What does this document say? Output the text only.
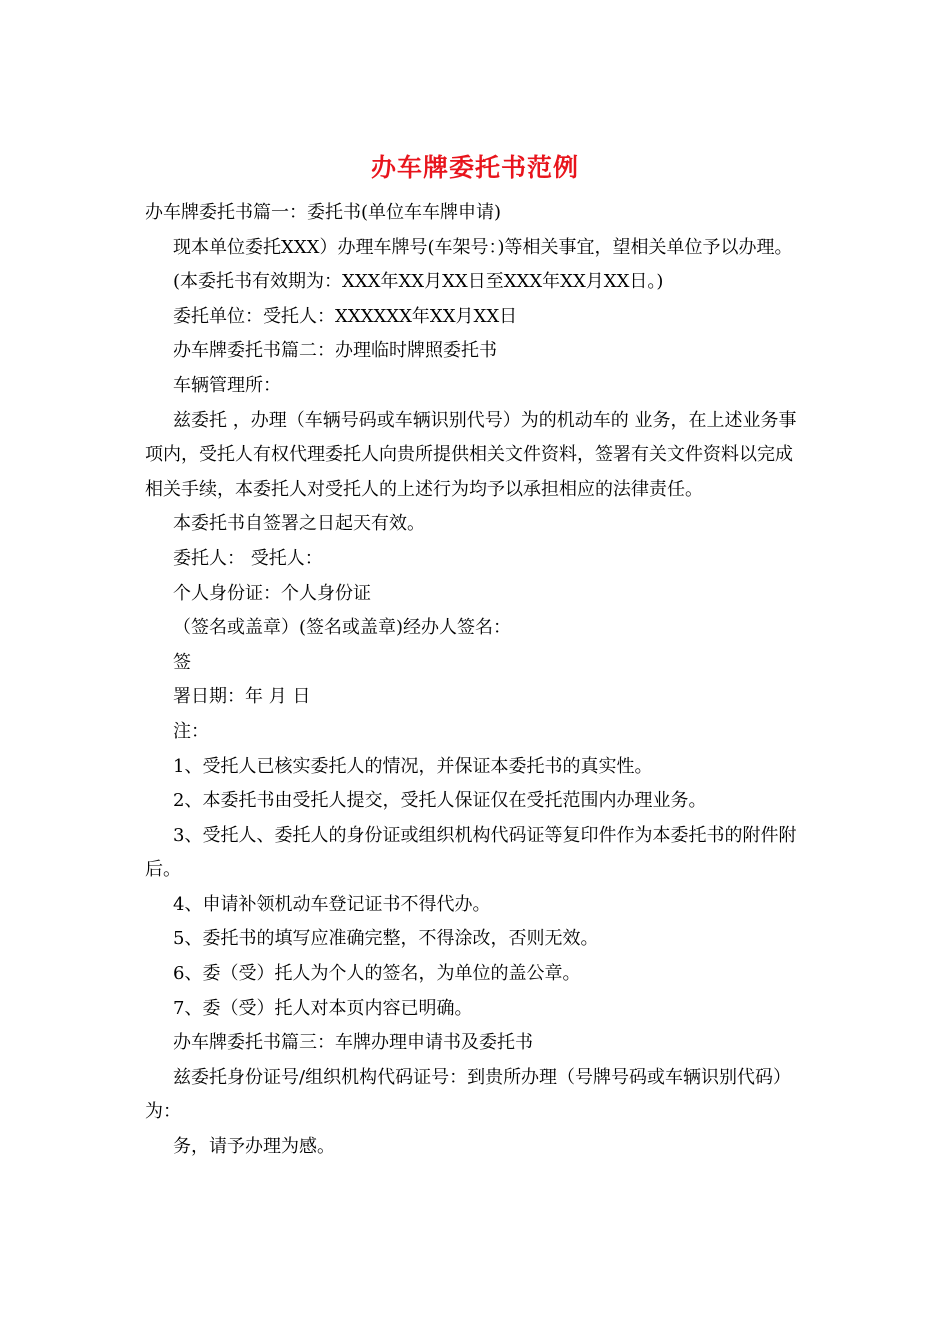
办车牌委托书范例

办车牌委托书篇一：委托书(单位车车牌申请)

现本单位委托XXX）办理车牌号(车架号：)等相关事宜，望相关单位予以办理。

(本委托书有效期为：XXX年XX月XX日至XXX年XX月XX日。)

委托单位：受托人：XXXXXX年XX月XX日

办车牌委托书篇二：办理临时牌照委托书

车辆管理所：

兹委托 ，办理（车辆号码或车辆识别代号）为的机动车的 业务，在上述业务事项内，受托人有权代理委托人向贵所提供相关文件资料，签署有关文件资料以完成相关手续，本委托人对受托人的上述行为均予以承担相应的法律责任。

本委托书自签署之日起天有效。

委托人： 受托人：

个人身份证：个人身份证

（签名或盖章）(签名或盖章)经办人签名：

签

署日期：年 月 日

注：

1、受托人已核实委托人的情况，并保证本委托书的真实性。

2、本委托书由受托人提交，受托人保证仅在受托范围内办理业务。

3、受托人、委托人的身份证或组织机构代码证等复印件作为本委托书的附件附后。

4、申请补领机动车登记证书不得代办。

5、委托书的填写应准确完整，不得涂改，否则无效。

6、委（受）托人为个人的签名，为单位的盖公章。

7、委（受）托人对本页内容已明确。

办车牌委托书篇三：车牌办理申请书及委托书

兹委托身份证号/组织机构代码证号：到贵所办理（号牌号码或车辆识别代码）为：

务，请予办理为感。
